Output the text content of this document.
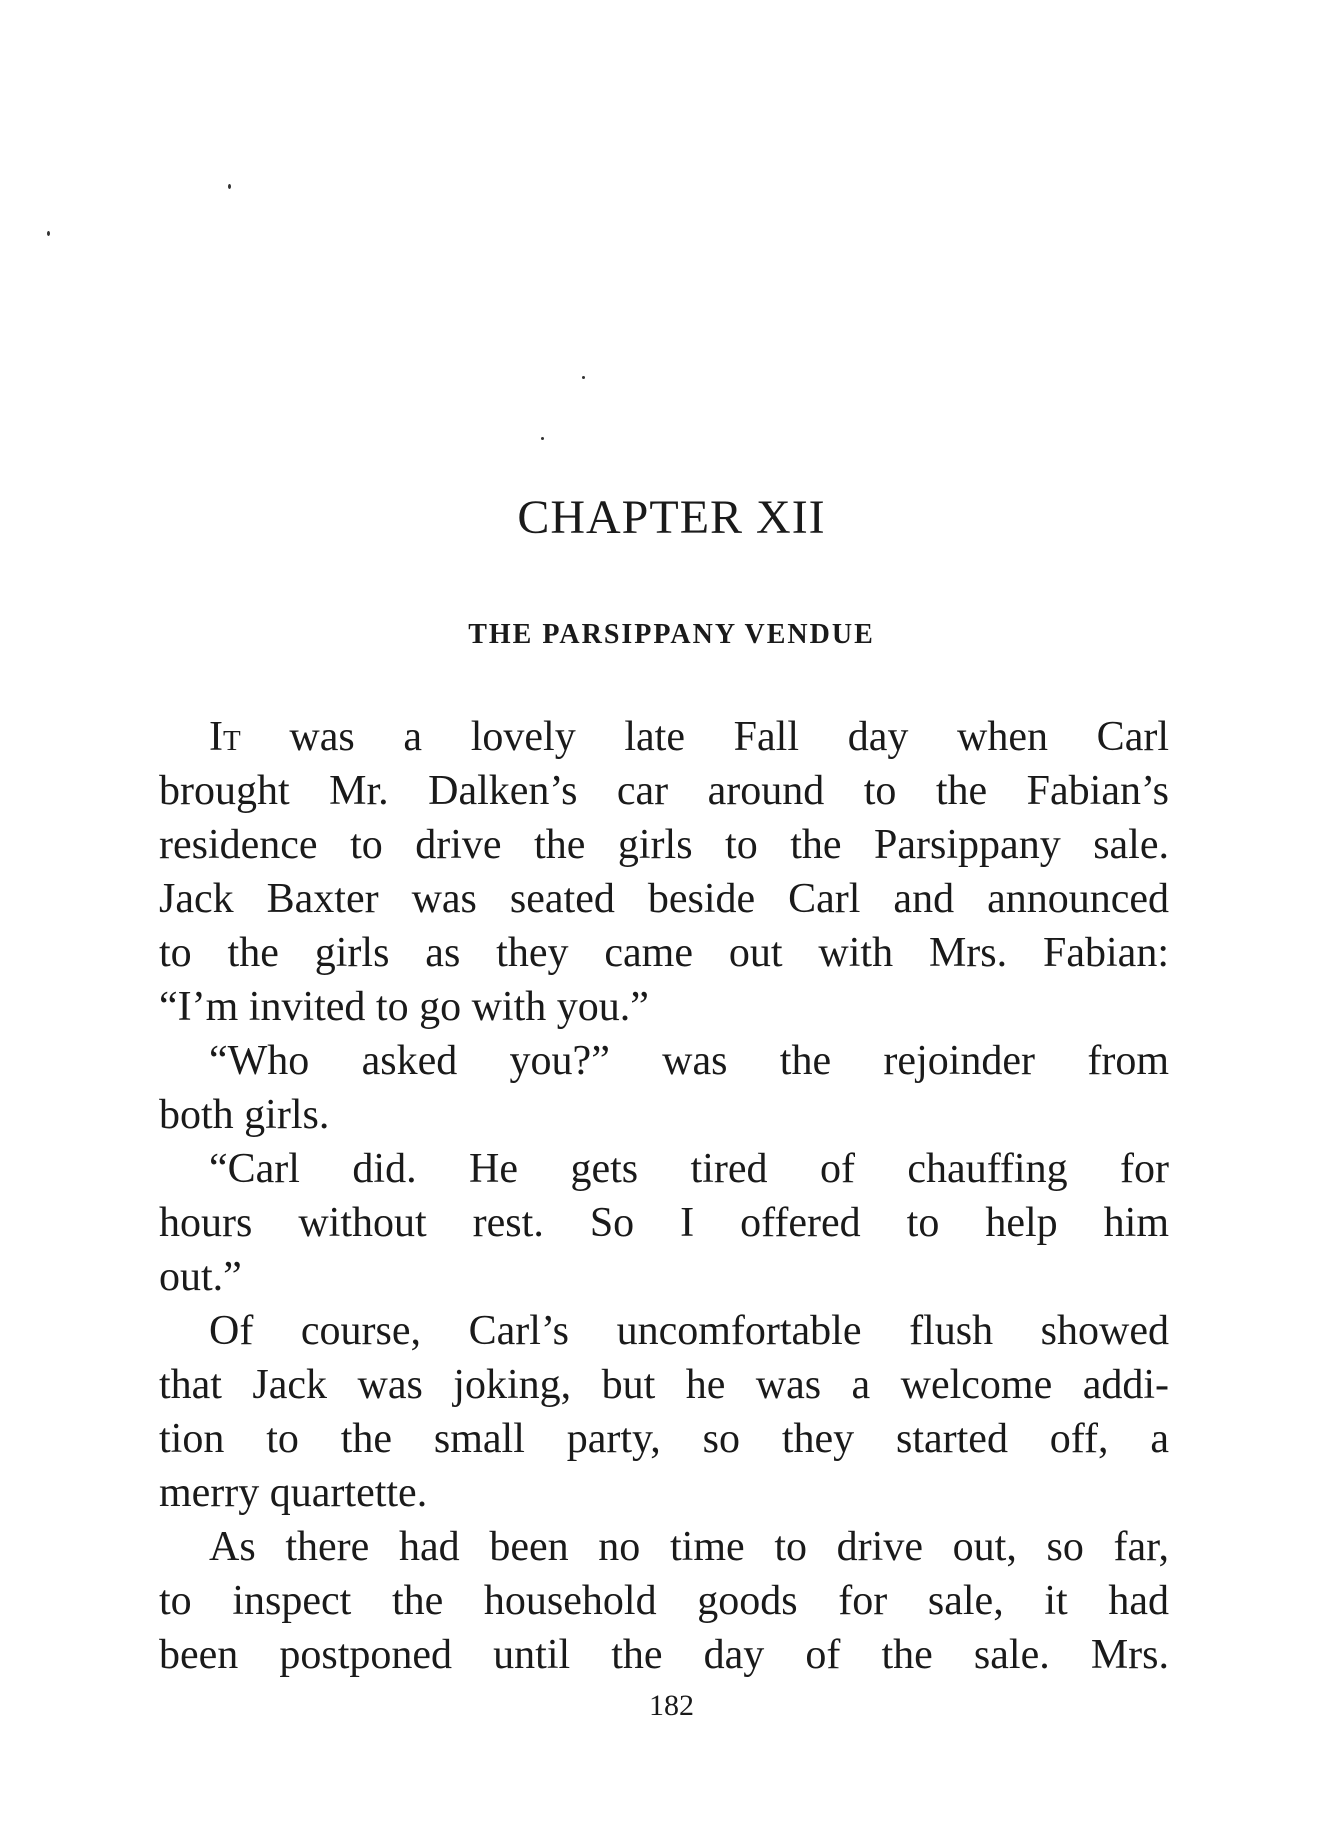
CHAPTER XII
THE PARSIPPANY VENDUE
It was a lovely late Fall day when Carl
brought Mr. Dalken’s car around to the Fabian’s
residence to drive the girls to the Parsippany sale.
Jack Baxter was seated beside Carl and announced
to the girls as they came out with Mrs. Fabian:
“I’m invited to go with you.”
“Who asked you?” was the rejoinder from
both girls.
“Carl did. He gets tired of chauffing for
hours without rest. So I offered to help him
out.”
Of course, Carl’s uncomfortable flush showed
that Jack was joking, but he was a welcome addi-
tion to the small party, so they started off, a
merry quartette.
As there had been no time to drive out, so far,
to inspect the household goods for sale, it had
been postponed until the day of the sale. Mrs.

182
